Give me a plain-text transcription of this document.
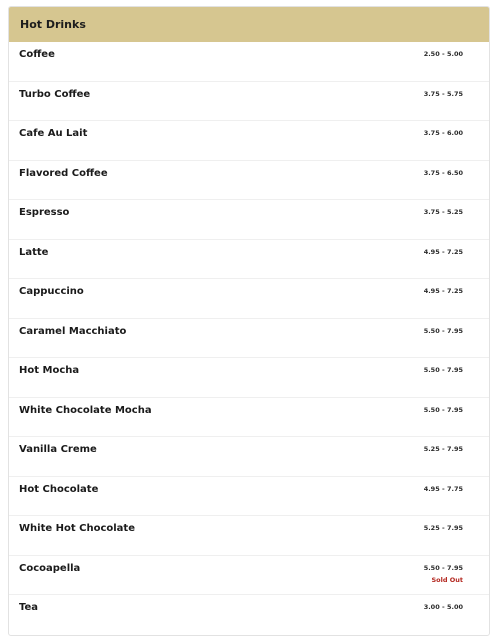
Hot Drinks
Coffee	2.50 - 5.00
Turbo Coffee	3.75 - 5.75
Cafe Au Lait	3.75 - 6.00
Flavored Coffee	3.75 - 6.50
Espresso	3.75 - 5.25
Latte	4.95 - 7.25
Cappuccino	4.95 - 7.25
Caramel Macchiato	5.50 - 7.95
Hot Mocha	5.50 - 7.95
White Chocolate Mocha	5.50 - 7.95
Vanilla Creme	5.25 - 7.95
Hot Chocolate	4.95 - 7.75
White Hot Chocolate	5.25 - 7.95
Cocoapella	5.50 - 7.95
Sold Out
Tea	3.00 - 5.00
